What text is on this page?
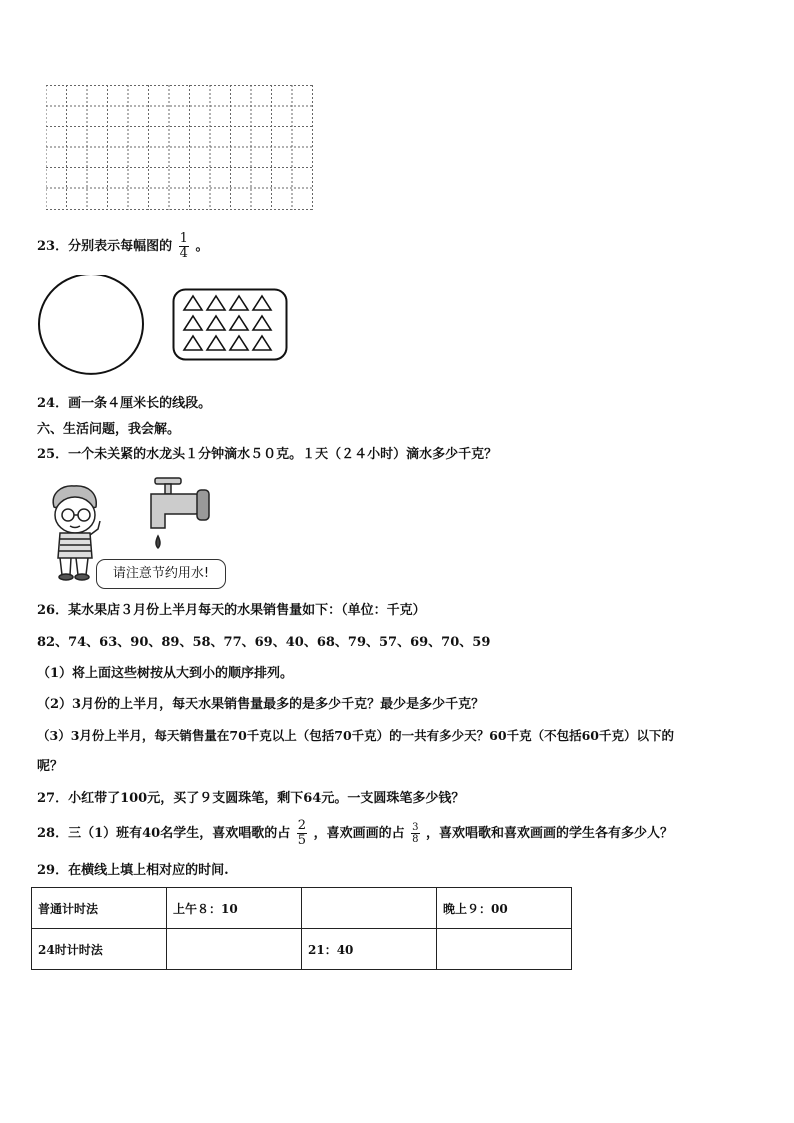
23．分别表示每幅图的 $\frac{1}{4}$ 。
24．画一条４厘米长的线段。
六、生活问题，我会解。
25．一个未关紧的水龙头１分钟滴水５０克。１天（２４小时）滴水多少千克？
请注意节约用水!
26．某水果店３月份上半月每天的水果销售量如下：（单位：千克）
82、74、63、90、89、58、77、69、40、68、79、57、69、70、59
（1）将上面这些树按从大到小的顺序排列。
（2）3月份的上半月，每天水果销售量最多的是多少千克？最少是多少千克？
（3）3月份上半月，每天销售量在70千克以上（包括70千克）的一共有多少天？60千克（不包括60千克）以下的
呢？
27．小红带了100元，买了９支圆珠笔，剩下64元。一支圆珠笔多少钱？
28．三（1）班有40名学生，喜欢唱歌的占 $\frac{2}{5}$ ，喜欢画画的占 $\frac{3}{8}$ ，喜欢唱歌和喜欢画画的学生各有多少人？
29．在横线上填上相对应的时间.
普通计时法	上午８：10		晚上９：00
24时计时法		21：40	
